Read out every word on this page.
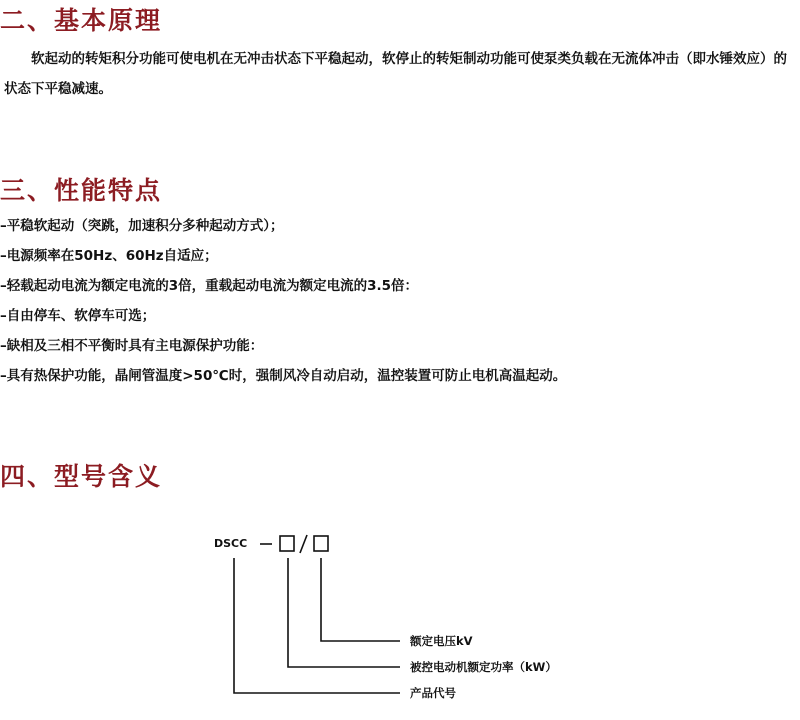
二、基本原理

软起动的转矩积分功能可使电机在无冲击状态下平稳起动，软停止的转矩制动功能可使泵类负载在无流体冲击（即水锤效应）的状态下平稳减速。

三、性能特点
–平稳软起动（突跳，加速积分多种起动方式）；
–电源频率在50Hz、60Hz自适应；
–轻载起动电流为额定电流的3倍，重载起动电流为额定电流的3.5倍：
–自由停车、软停车可选；
–缺相及三相不平衡时具有主电源保护功能：
–具有热保护功能，晶闸管温度>50℃时，强制风冷自动启动，温控装置可防止电机高温起动。
四、型号含义
DSCC
额定电压kV
被控电动机额定功率（kW）
产品代号
